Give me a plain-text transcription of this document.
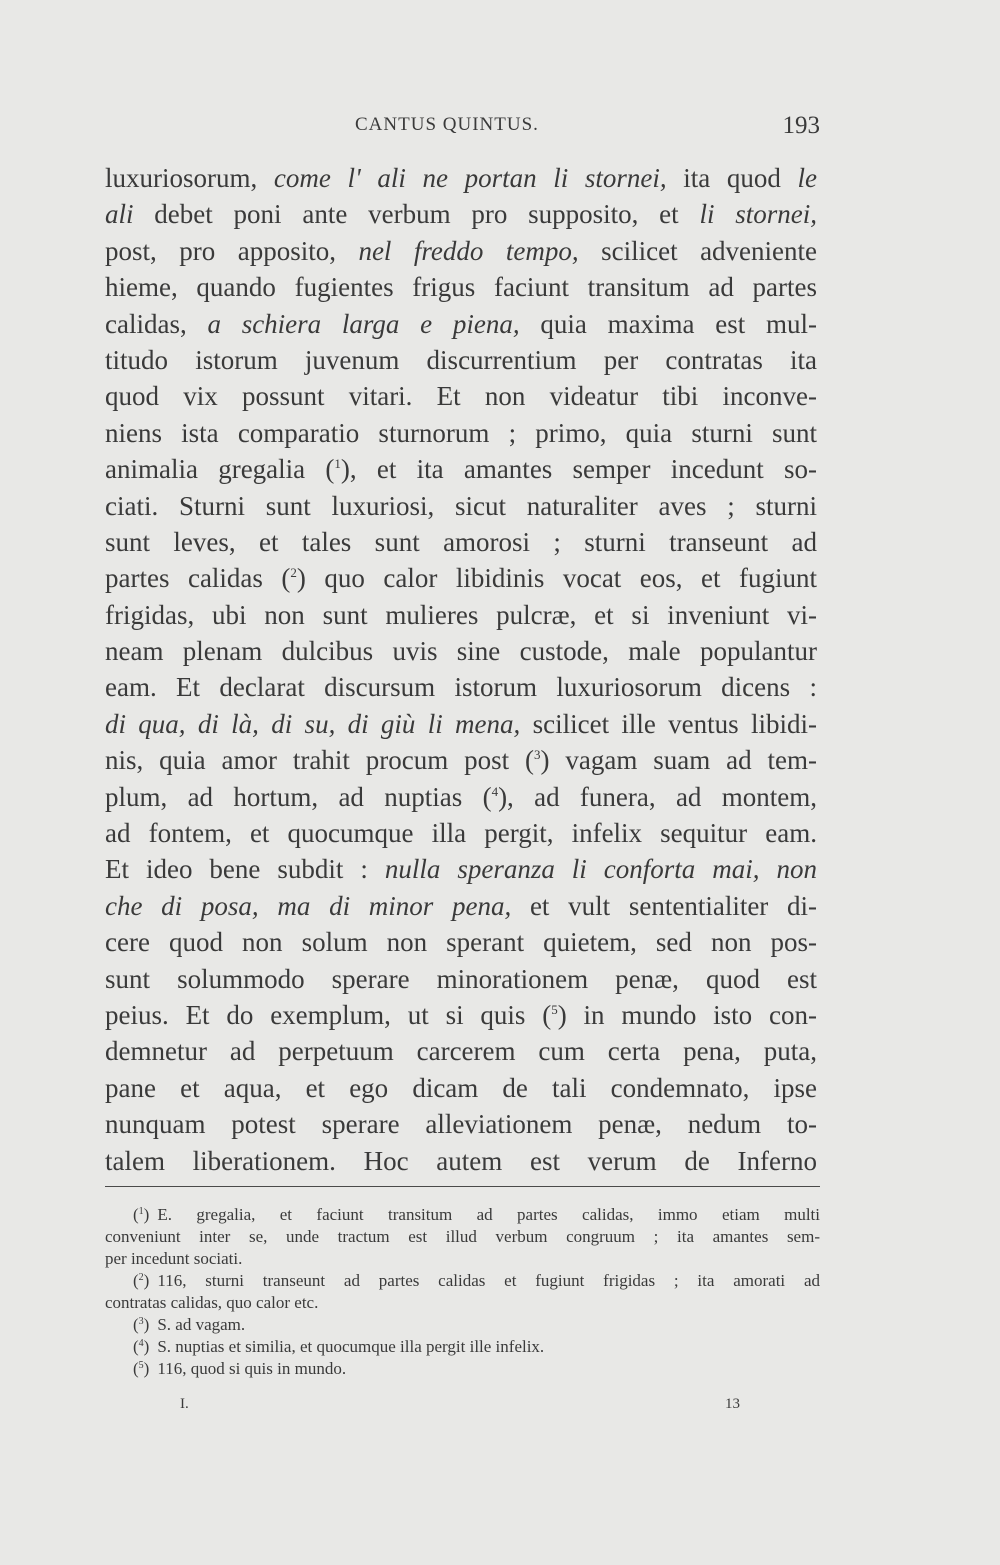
CANTUS QUINTUS.	193
luxuriosorum, come l' ali ne portan li stornei, ita quod le
ali debet poni ante verbum pro supposito, et li stornei,
post, pro apposito, nel freddo tempo, scilicet adveniente
hieme, quando fugientes frigus faciunt transitum ad partes
calidas, a schiera larga e piena, quia maxima est mul-
titudo istorum juvenum discurrentium per contratas ita
quod vix possunt vitari. Et non videatur tibi inconve-
niens ista comparatio sturnorum ; primo, quia sturni sunt
animalia gregalia ($^1$), et ita amantes semper incedunt so-
ciati. Sturni sunt luxuriosi, sicut naturaliter aves ; sturni
sunt leves, et tales sunt amorosi ; sturni transeunt ad
partes calidas ($^2$) quo calor libidinis vocat eos, et fugiunt
frigidas, ubi non sunt mulieres pulcræ, et si inveniunt vi-
neam plenam dulcibus uvis sine custode, male populantur
eam. Et declarat discursum istorum luxuriosorum dicens :
di qua, di là, di su, di giù li mena, scilicet ille ventus libidi-
nis, quia amor trahit procum post ($^3$) vagam suam ad tem-
plum, ad hortum, ad nuptias ($^4$), ad funera, ad montem,
ad fontem, et quocumque illa pergit, infelix sequitur eam.
Et ideo bene subdit : nulla speranza li conforta mai, non
che di posa, ma di minor pena, et vult sententialiter di-
cere quod non solum non sperant quietem, sed non pos-
sunt solummodo sperare minorationem penæ, quod est
peius. Et do exemplum, ut si quis ($^5$) in mundo isto con-
demnetur ad perpetuum carcerem cum certa pena, puta,
pane et aqua, et ego dicam de tali condemnato, ipse
nunquam potest sperare alleviationem penæ, nedum to-
talem liberationem. Hoc autem est verum de Inferno
($^1$) E. gregalia, et faciunt transitum ad partes calidas, immo etiam multi
conveniunt inter se, unde tractum est illud verbum congruum ; ita amantes sem-
per incedunt sociati.
($^2$) 116, sturni transeunt ad partes calidas et fugiunt frigidas ; ita amorati ad
contratas calidas, quo calor etc.
($^3$) S. ad vagam.
($^4$) S. nuptias et similia, et quocumque illa pergit ille infelix.
($^5$) 116, quod si quis in mundo.
I.	13
